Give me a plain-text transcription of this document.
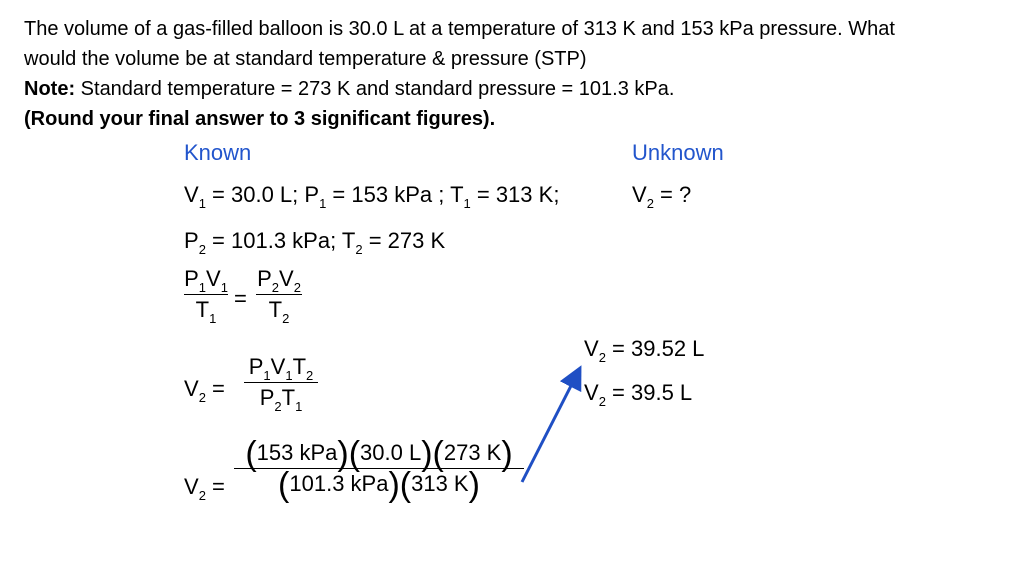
The volume of a gas-filled balloon is 30.0 L at a temperature of 313 K and 153 kPa pressure. What
would the volume be at standard temperature & pressure (STP)
Note: Standard temperature = 273 K and standard pressure = 101.3 kPa.
(Round your final answer to 3 significant figures).
Known	Unknown
$V_1 = 30.0$ L; $P_1 = 153$ kPa ; $T_1 = 313$ K;	$V_2$ = ?
$P_2 = 101.3$ kPa; $T_2 = 273$ K
$P_1V_1$
$T_1$
=
$P_2V_2$
$T_2$
$V_2$ =
$P_1V_1T_2$
$P_2T_1$
$V_2$ =
(153 kPa)(30.0 L)(273 K)
(101.3 kPa)(313 K)
$V_2 = 39.52$ L
$V_2 = 39.5$ L
